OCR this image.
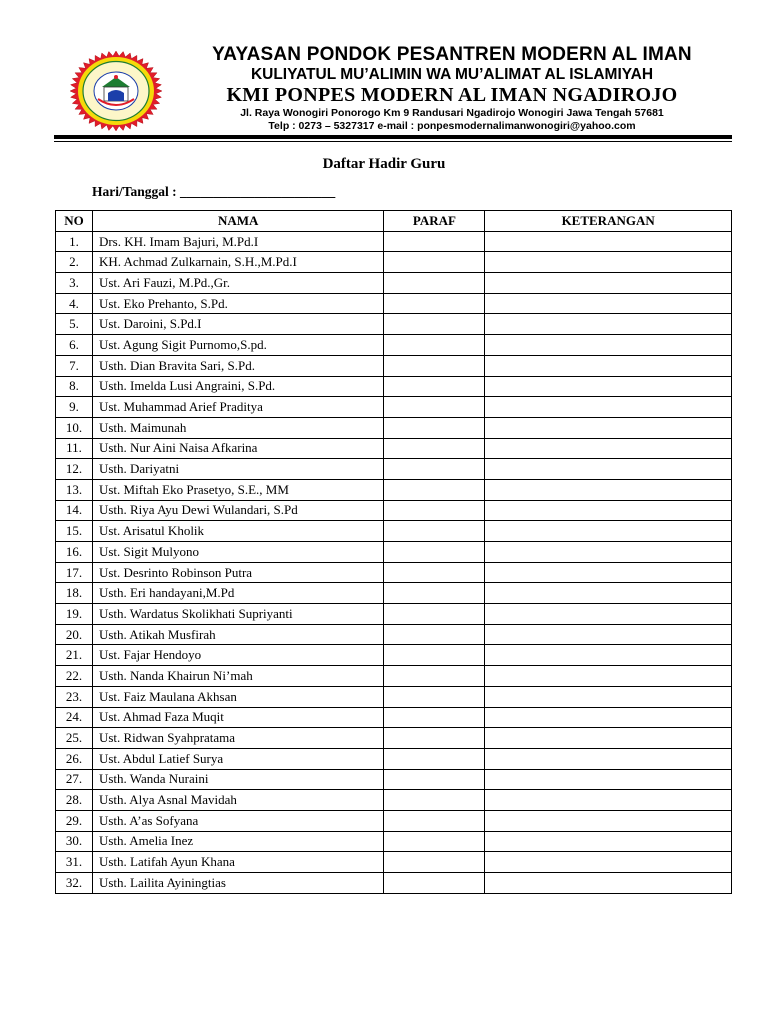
YAYASAN PONDOK PESANTREN MODERN AL IMAN
KULIYATUL MU’ALIMIN WA MU’ALIMAT AL ISLAMIYAH
KMI PONPES MODERN AL IMAN NGADIROJO
Jl. Raya Wonogiri Ponorogo Km 9 Randusari Ngadirojo Wonogiri Jawa Tengah 57681
Telp : 0273 – 5327317 e-mail : ponpesmodernalimanwonogiri@yahoo.com
Daftar Hadir Guru
Hari/Tanggal : _______________________
NO	NAMA	PARAF	KETERANGAN
1.	Drs. KH. Imam Bajuri, M.Pd.I		
2.	KH. Achmad Zulkarnain, S.H.,M.Pd.I		
3.	Ust. Ari Fauzi, M.Pd.,Gr.		
4.	Ust. Eko Prehanto, S.Pd.		
5.	Ust. Daroini, S.Pd.I		
6.	Ust. Agung Sigit Purnomo,S.pd.		
7.	Usth. Dian Bravita Sari, S.Pd.		
8.	Usth. Imelda Lusi Angraini, S.Pd.		
9.	Ust. Muhammad Arief Praditya		
10.	Usth. Maimunah		
11.	Usth. Nur Aini Naisa Afkarina		
12.	Usth. Dariyatni		
13.	Ust. Miftah Eko Prasetyo, S.E., MM		
14.	Usth. Riya Ayu Dewi Wulandari, S.Pd		
15.	Ust. Arisatul Kholik		
16.	Ust. Sigit Mulyono		
17.	Ust. Desrinto Robinson Putra		
18.	Usth. Eri handayani,M.Pd		
19.	Usth. Wardatus Skolikhati Supriyanti		
20.	Usth. Atikah Musfirah		
21.	Ust. Fajar Hendoyo		
22.	Usth. Nanda Khairun Ni’mah		
23.	Ust. Faiz Maulana Akhsan		
24.	Ust. Ahmad Faza Muqit		
25.	Ust. Ridwan Syahpratama		
26.	Ust. Abdul Latief Surya		
27.	Usth. Wanda Nuraini		
28.	Usth. Alya Asnal Mavidah		
29.	Usth. A’as Sofyana		
30.	Usth. Amelia Inez		
31.	Usth. Latifah Ayun Khana		
32.	Usth. Lailita Ayiningtias		
